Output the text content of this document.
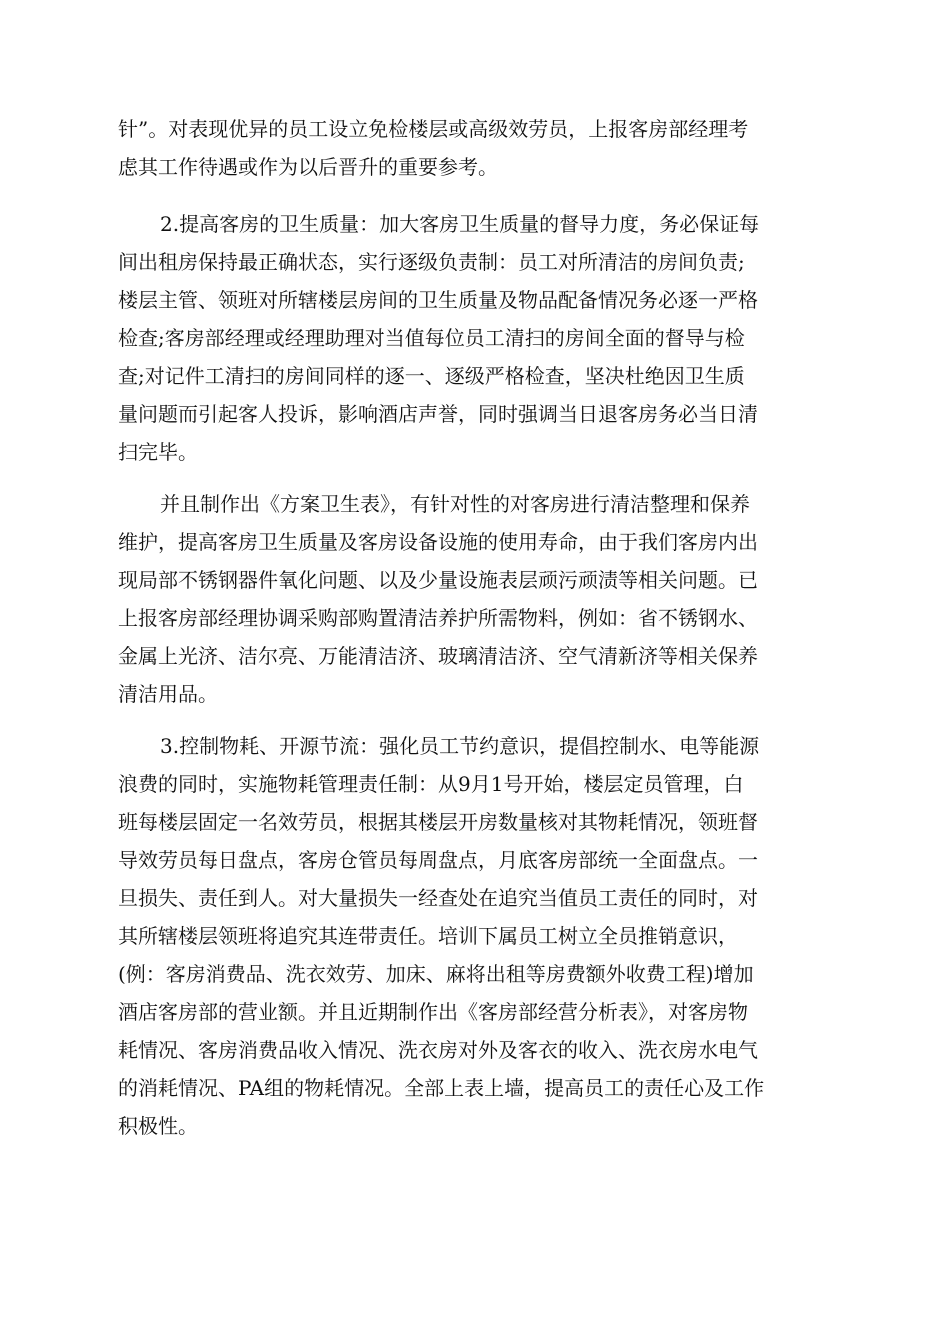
针”。对表现优异的员工设立免检楼层或高级效劳员，上报客房部经理考
虑其工作待遇或作为以后晋升的重要参考。
2.提高客房的卫生质量：加大客房卫生质量的督导力度，务必保证每
间出租房保持最正确状态，实行逐级负责制：员工对所清洁的房间负责;
楼层主管、领班对所辖楼层房间的卫生质量及物品配备情况务必逐一严格
检查;客房部经理或经理助理对当值每位员工清扫的房间全面的督导与检
查;对记件工清扫的房间同样的逐一、逐级严格检查，坚决杜绝因卫生质
量问题而引起客人投诉，影响酒店声誉，同时强调当日退客房务必当日清
扫完毕。
并且制作出《方案卫生表》，有针对性的对客房进行清洁整理和保养
维护，提高客房卫生质量及客房设备设施的使用寿命，由于我们客房内出
现局部不锈钢器件氧化问题、以及少量设施表层顽污顽渍等相关问题。已
上报客房部经理协调采购部购置清洁养护所需物料，例如：省不锈钢水、
金属上光济、洁尔亮、万能清洁济、玻璃清洁济、空气清新济等相关保养
清洁用品。
3.控制物耗、开源节流：强化员工节约意识，提倡控制水、电等能源
浪费的同时，实施物耗管理责任制：从9月1号开始，楼层定员管理，白
班每楼层固定一名效劳员，根据其楼层开房数量核对其物耗情况，领班督
导效劳员每日盘点，客房仓管员每周盘点，月底客房部统一全面盘点。一
旦损失、责任到人。对大量损失一经查处在追究当值员工责任的同时，对
其所辖楼层领班将追究其连带责任。培训下属员工树立全员推销意识，
(例：客房消费品、洗衣效劳、加床、麻将出租等房费额外收费工程)增加
酒店客房部的营业额。并且近期制作出《客房部经营分析表》，对客房物
耗情况、客房消费品收入情况、洗衣房对外及客衣的收入、洗衣房水电气
的消耗情况、PA组的物耗情况。全部上表上墙，提高员工的责任心及工作
积极性。
